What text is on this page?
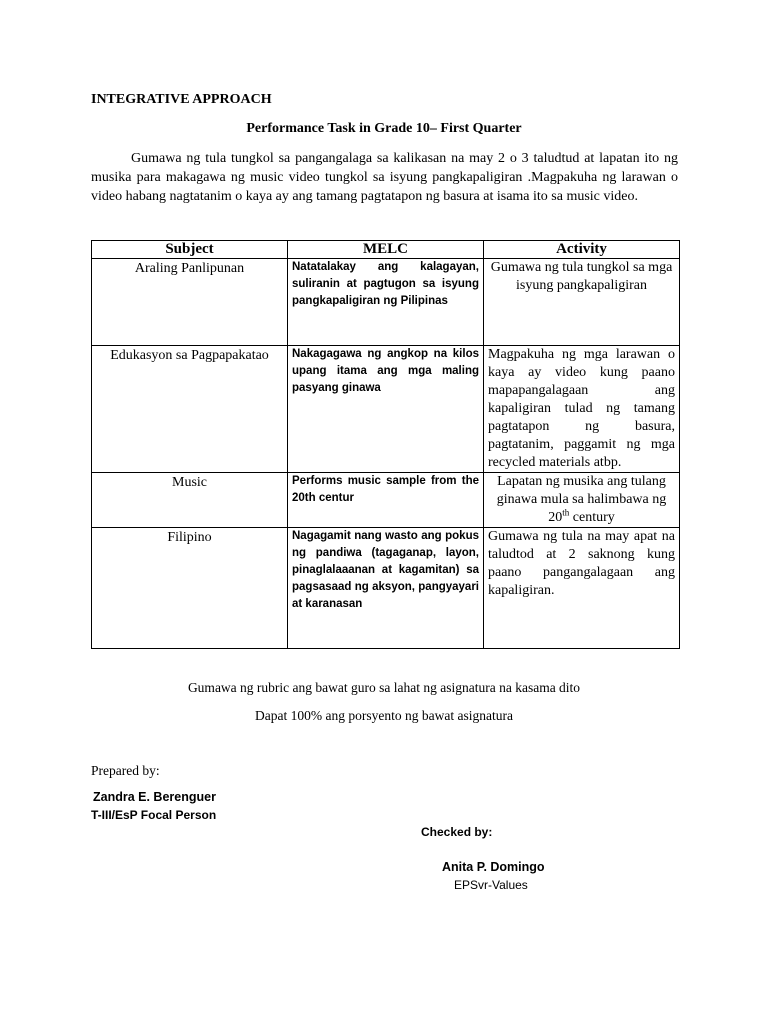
INTEGRATIVE APPROACH
Performance Task in Grade 10– First Quarter
Gumawa ng tula tungkol sa pangangalaga sa kalikasan na may 2 o 3 taludtud at lapatan ito ng musika para makagawa ng music video tungkol sa isyung pangkapaligiran .Magpakuha ng larawan o video habang nagtatanim o kaya ay ang tamang pagtatapon ng basura at isama ito sa music video.
Subject	MELC	Activity
Araling Panlipunan	Natatalakay ang kalagayan, suliranin at pagtugon sa isyung pangkapaligiran ng Pilipinas	Gumawa ng tula tungkol sa mga isyung pangkapaligiran
Edukasyon sa Pagpapakatao	Nakagagawa ng angkop na kilos upang itama ang mga maling pasyang ginawa	Magpakuha ng mga larawan o kaya ay video kung paano mapapangalagaan ang kapaligiran tulad ng tamang pagtatapon ng basura, pagtatanim, paggamit ng mga recycled materials atbp.
Music	Performs music sample from the 20th centur	Lapatan ng musika ang tulang ginawa mula sa halimbawa ng 20th century
Filipino	Nagagamit nang wasto ang pokus ng pandiwa (tagaganap, layon, pinaglalaaanan at kagamitan) sa pagsasaad ng aksyon, pangyayari at karanasan	Gumawa ng tula na may apat na taludtod at 2 saknong kung paano pangangalagaan ang kapaligiran.
Gumawa ng rubric ang bawat guro sa lahat ng asignatura na kasama dito
Dapat 100% ang porsyento ng bawat asignatura
Prepared by:
Zandra E. Berenguer
T-III/EsP Focal Person
Checked by:
Anita P. Domingo
EPSvr-Values
